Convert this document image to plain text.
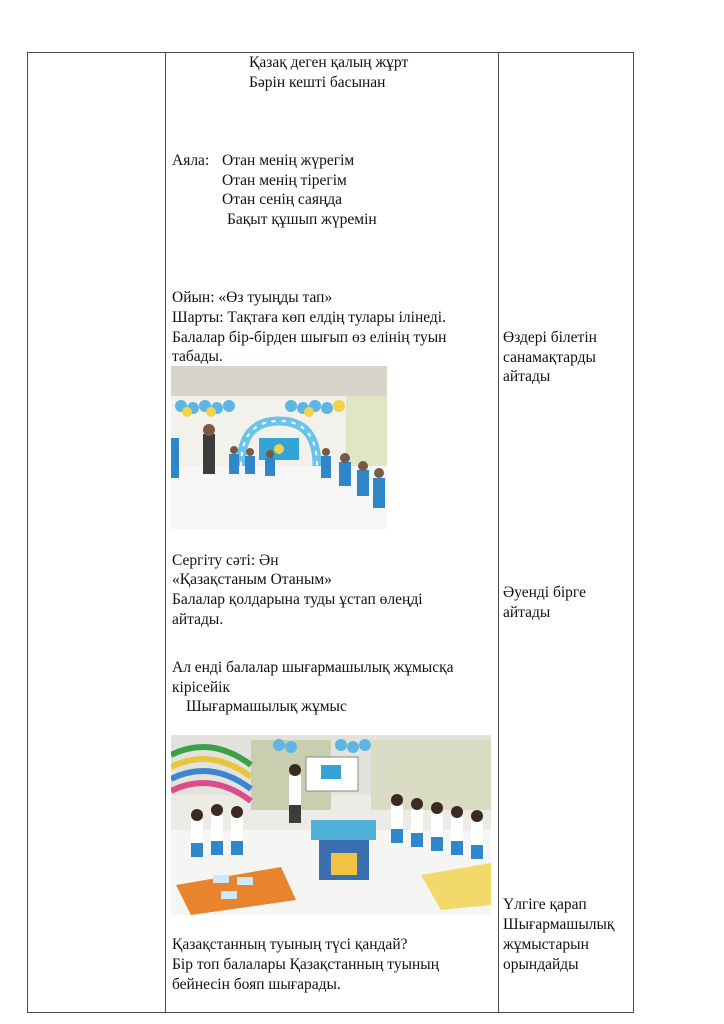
Қазақ деген қалың жұрт
Бәрін кешті басынан
Аяла: Отан менің жүрегім
Отан менің тірегім
Отан сенің саяңда
Бақыт құшып жүремін
Ойын: «Өз туыңды тап»
Шарты: Тақтаға көп елдің тулары ілінеді.
Балалар бір-бірден шығып өз елінің туын
табады.
Сергіту сәті: Ән
«Қазақстаным Отаным»
Балалар қолдарына туды ұстап өлеңді
айтады.
Ал енді балалар шығармашылық жұмысқа
кірісейік
Шығармашылық жұмыс
Қазақстанның туының түсі қандай?
Бір топ балалары Қазақстанның туының
бейнесін бояп шығарады.
Өздері білетін
санамақтарды
айтады
Әуенді бірге
айтады
Үлгіге қарап
Шығармашылық
жұмыстарын
орындайды
